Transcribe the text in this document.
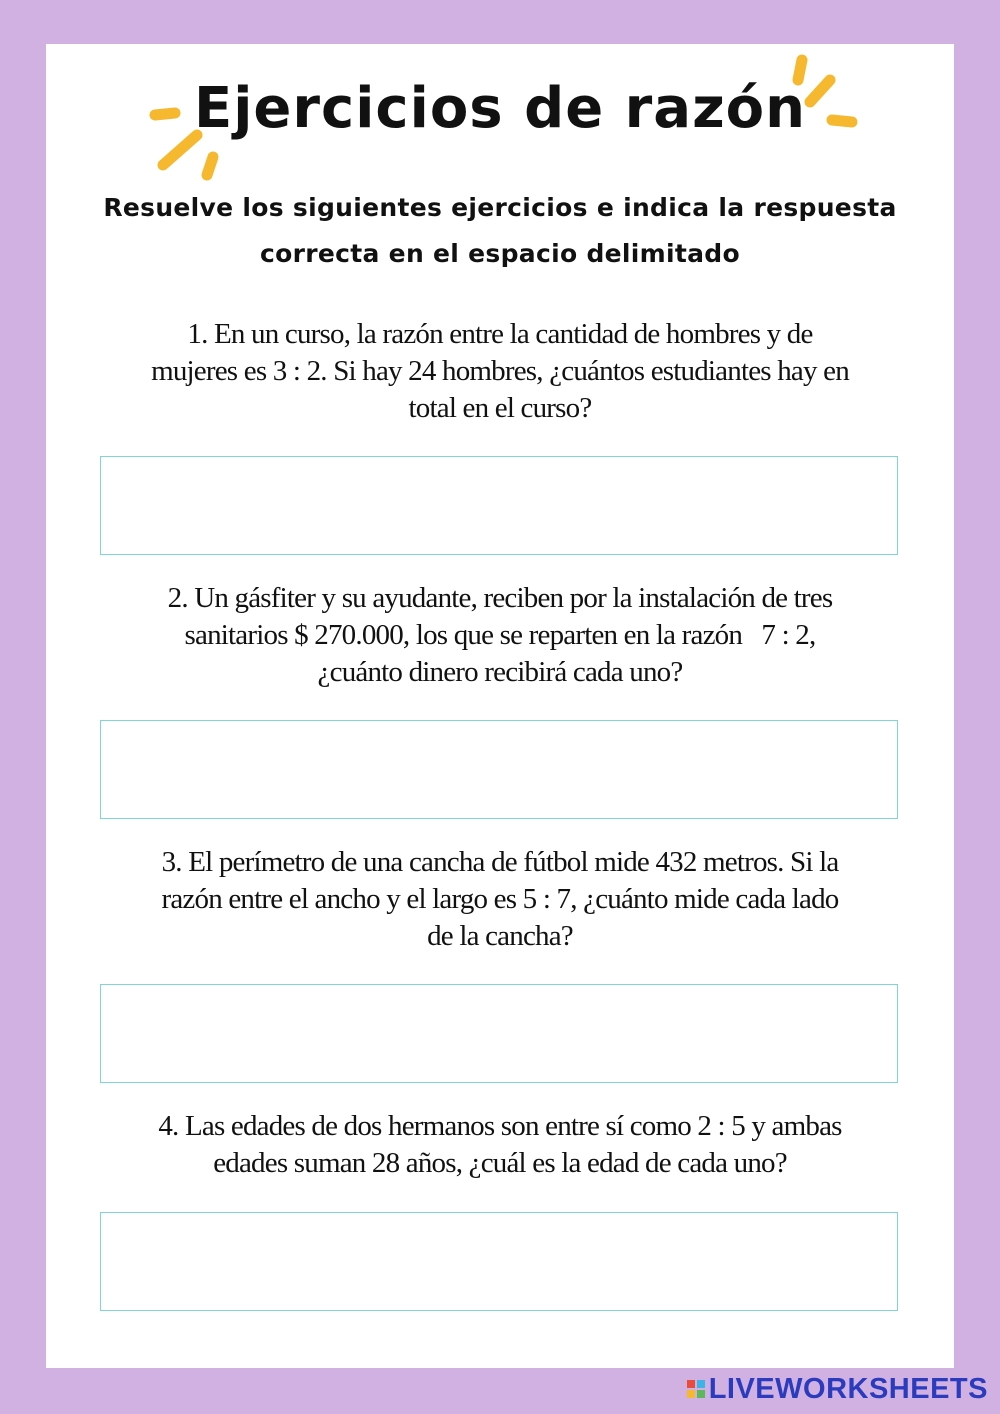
Ejercicios de razón
Resuelve los siguientes ejercicios e indica la respuesta
correcta en el espacio delimitado
1. En un curso, la razón entre la cantidad de hombres y de
mujeres es 3 : 2. Si hay 24 hombres, ¿cuántos estudiantes hay en
total en el curso?
2. Un gásfiter y su ayudante, reciben por la instalación de tres
sanitarios $ 270.000, los que se reparten en la razón   7 : 2,
¿cuánto dinero recibirá cada uno?
3. El perímetro de una cancha de fútbol mide 432 metros. Si la
razón entre el ancho y el largo es 5 : 7, ¿cuánto mide cada lado
de la cancha?
4. Las edades de dos hermanos son entre sí como 2 : 5 y ambas
edades suman 28 años, ¿cuál es la edad de cada uno?
LIVEWORKSHEETS
